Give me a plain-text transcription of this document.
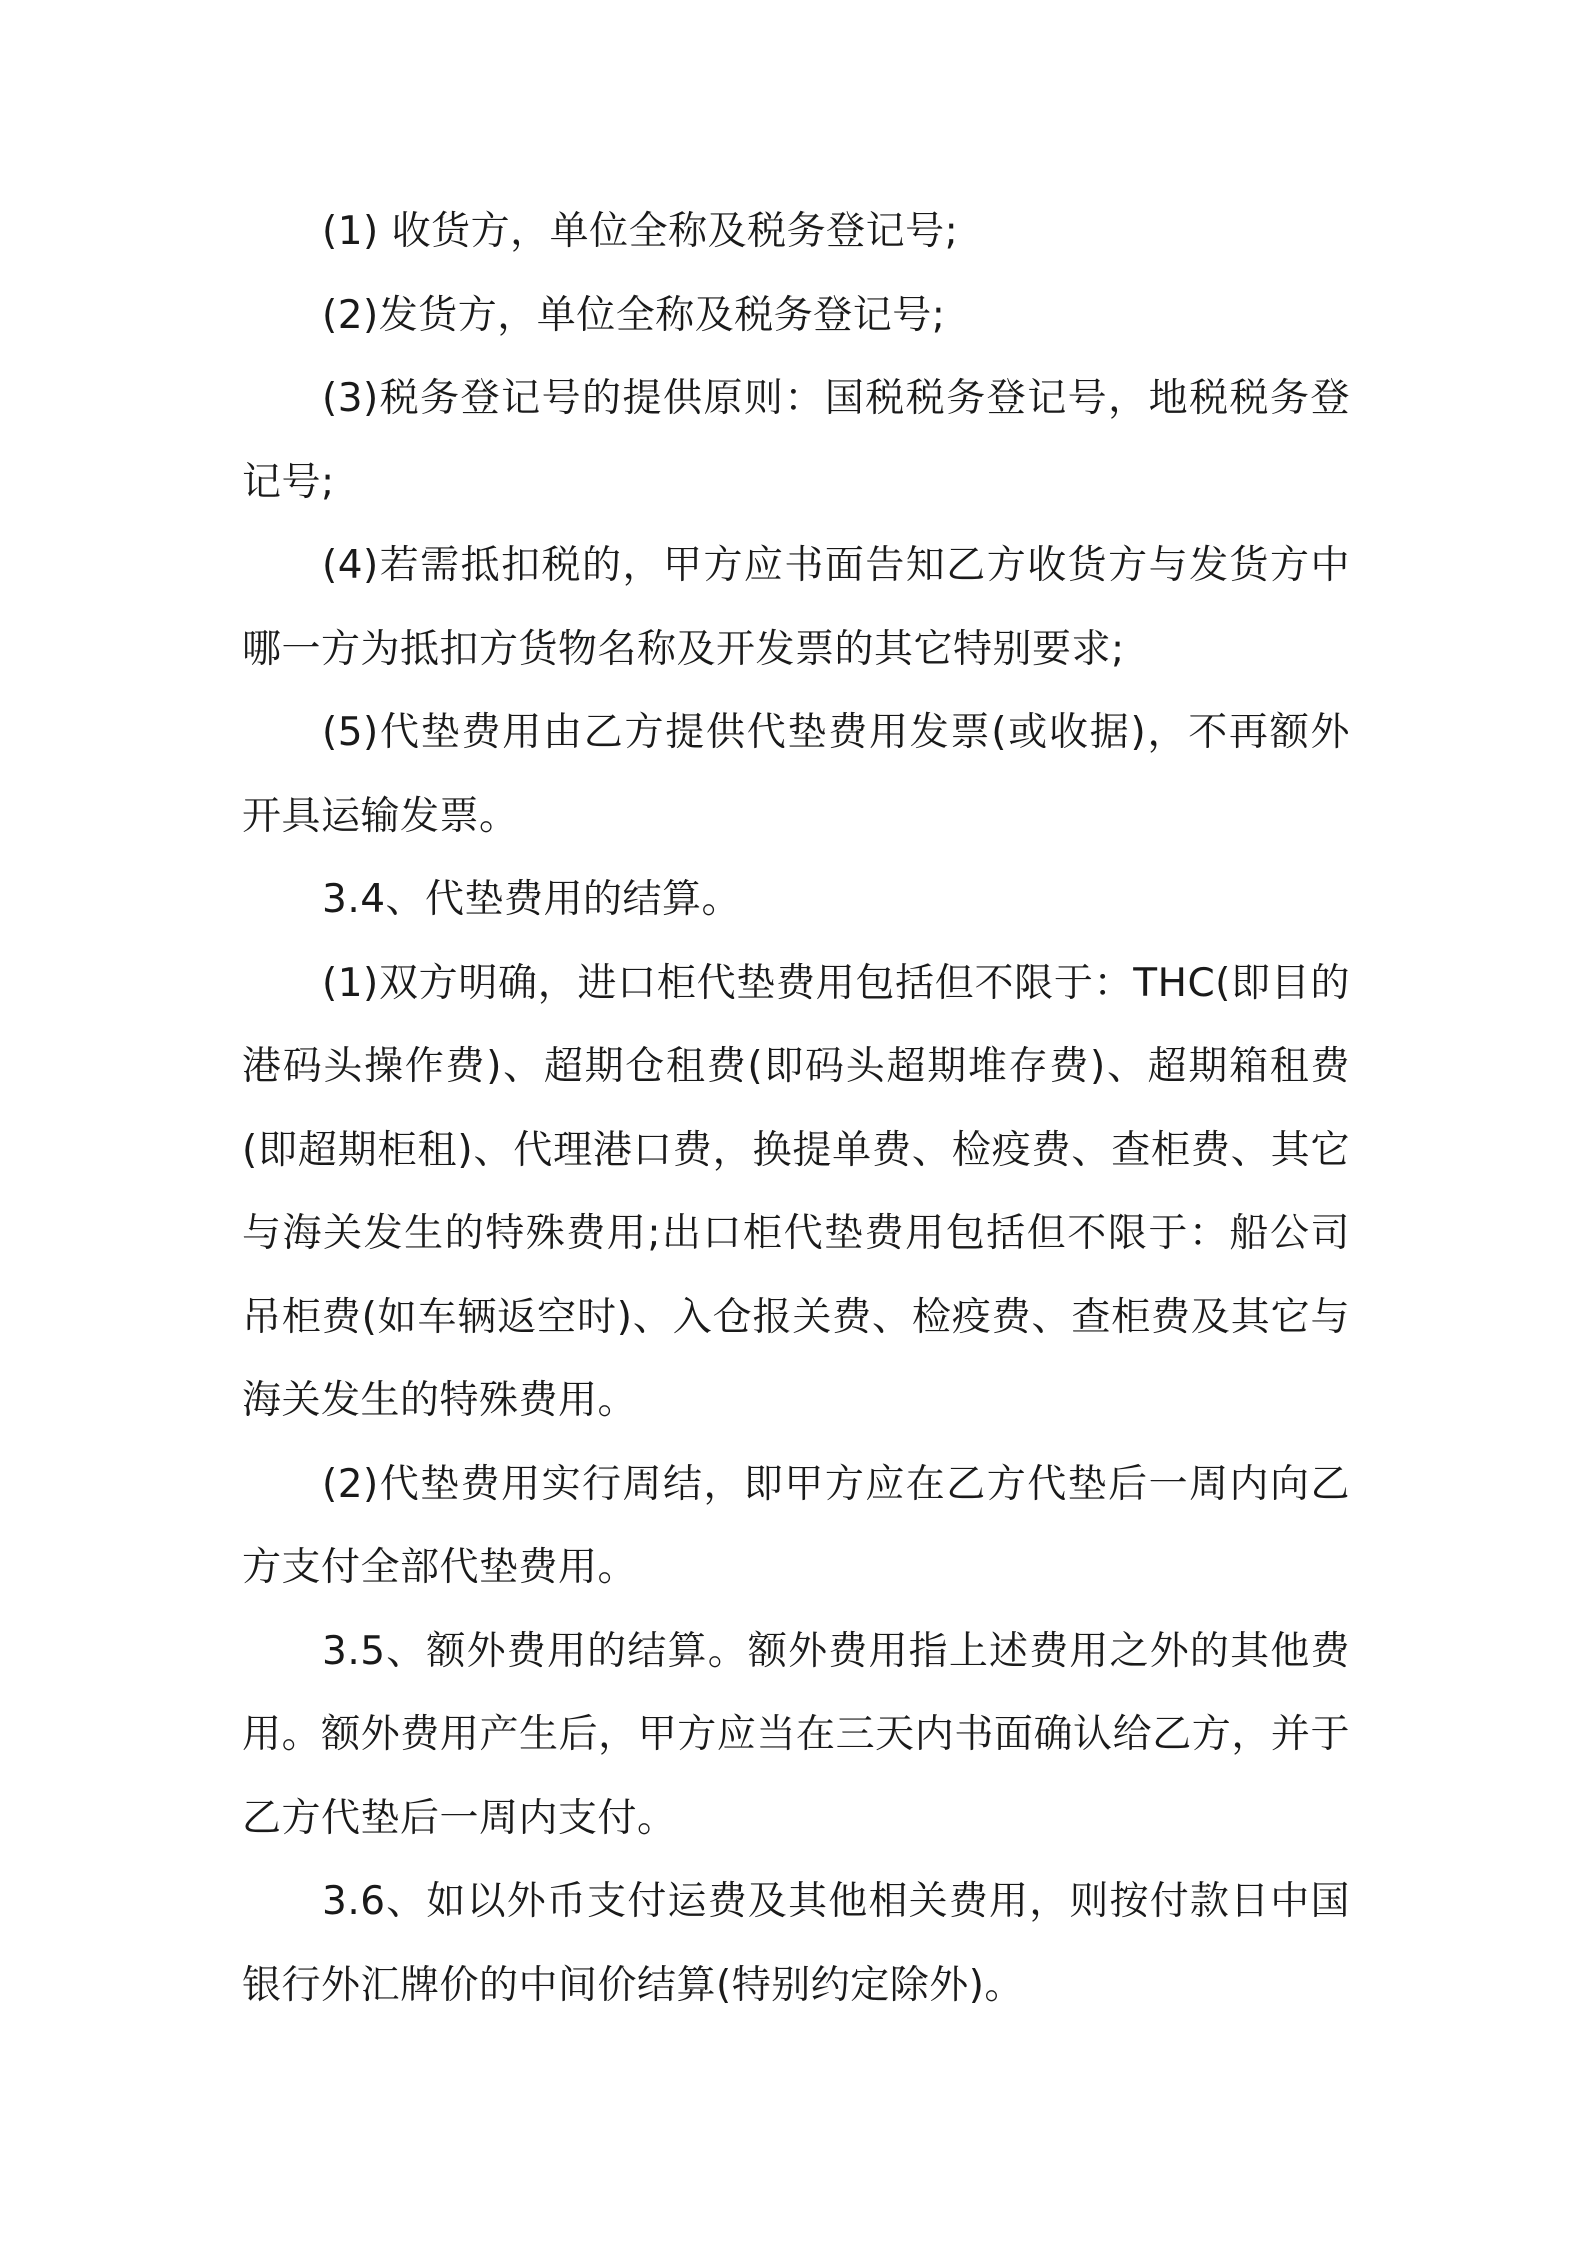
(1) 收货方，单位全称及税务登记号;

(2)发货方，单位全称及税务登记号;

(3)税务登记号的提供原则：国税税务登记号，地税税务登记号;

(4)若需抵扣税的，甲方应书面告知乙方收货方与发货方中哪一方为抵扣方货物名称及开发票的其它特别要求;

(5)代垫费用由乙方提供代垫费用发票(或收据)，不再额外开具运输发票。

3.4、代垫费用的结算。

(1)双方明确，进口柜代垫费用包括但不限于：THC(即目的港码头操作费)、超期仓租费(即码头超期堆存费)、超期箱租费(即超期柜租)、代理港口费，换提单费、检疫费、查柜费、其它与海关发生的特殊费用;出口柜代垫费用包括但不限于：船公司吊柜费(如车辆返空时)、入仓报关费、检疫费、查柜费及其它与海关发生的特殊费用。

(2)代垫费用实行周结，即甲方应在乙方代垫后一周内向乙方支付全部代垫费用。

3.5、额外费用的结算。额外费用指上述费用之外的其他费用。额外费用产生后，甲方应当在三天内书面确认给乙方，并于乙方代垫后一周内支付。

3.6、如以外币支付运费及其他相关费用，则按付款日中国银行外汇牌价的中间价结算(特别约定除外)。
